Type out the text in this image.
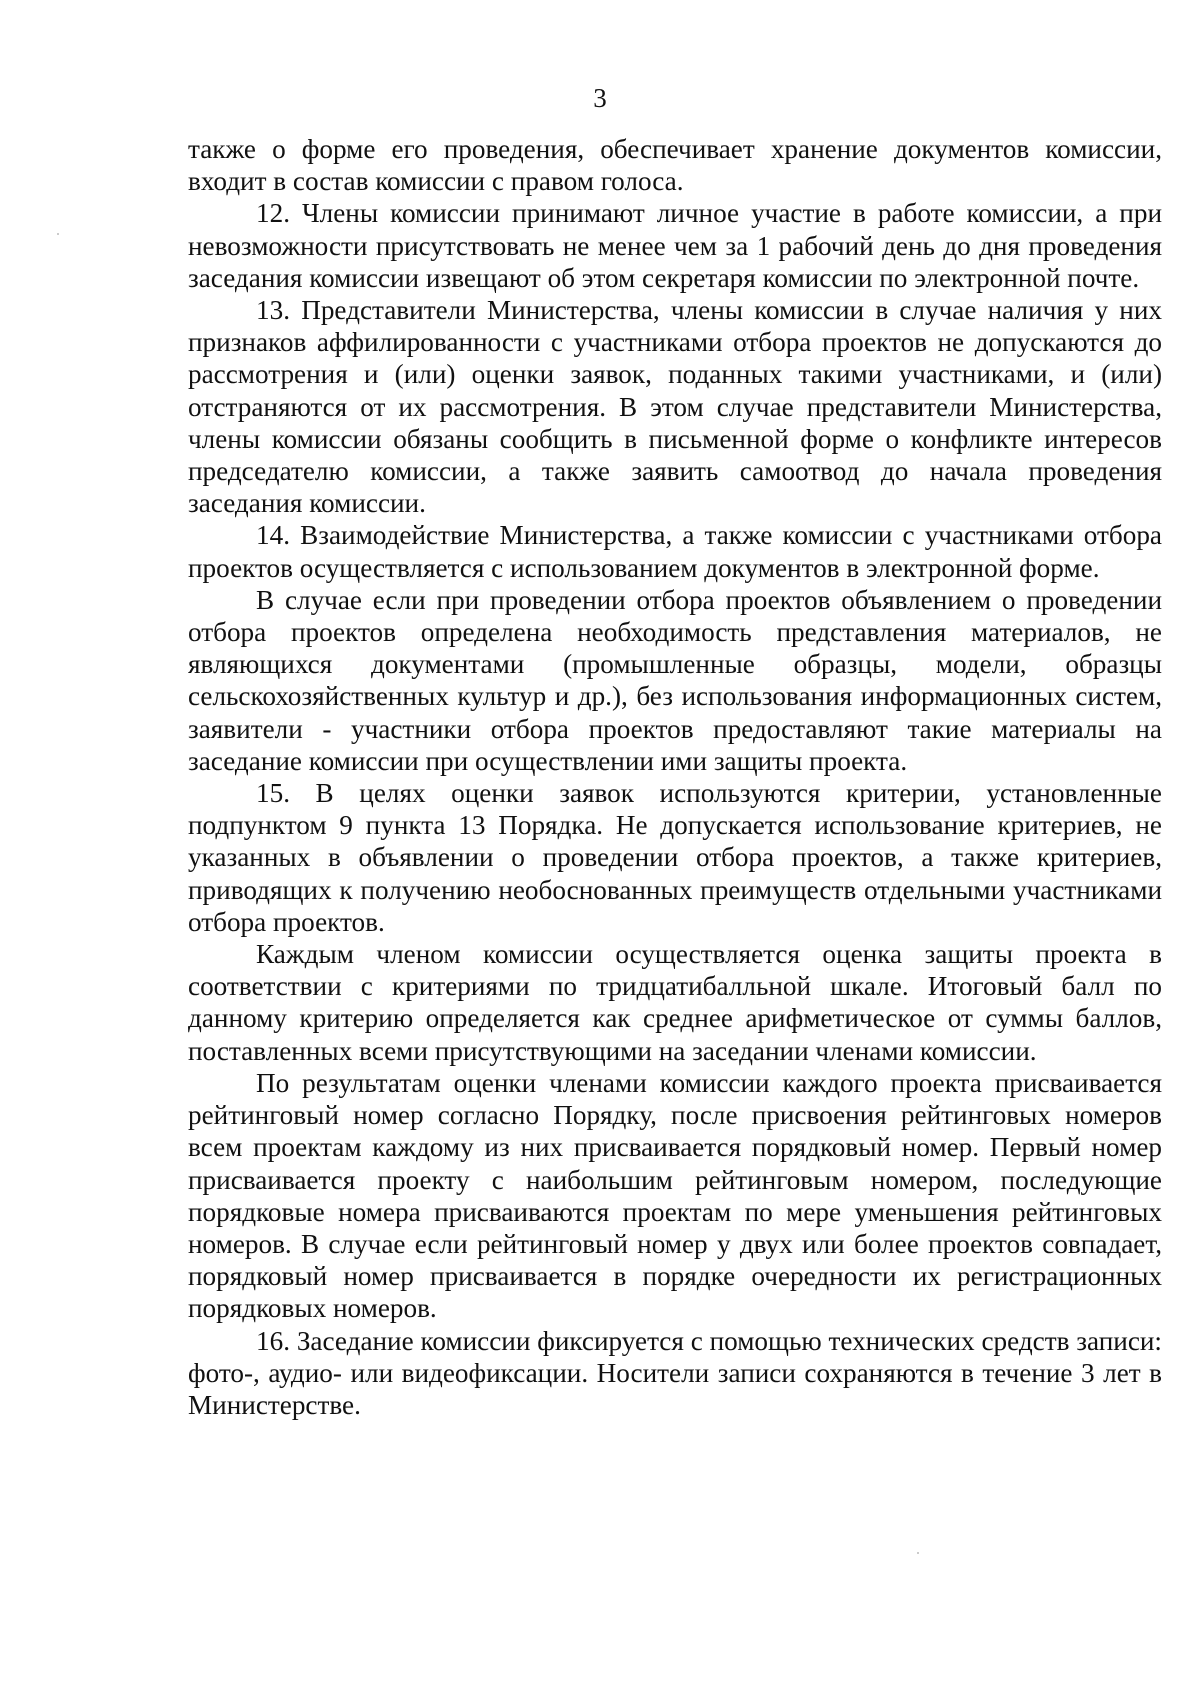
3

также о форме его проведения, обеспечивает хранение документов комиссии, входит в состав комиссии с правом голоса.

12. Члены комиссии принимают личное участие в работе комиссии, а при невозможности присутствовать не менее чем за 1 рабочий день до дня проведения заседания комиссии извещают об этом секретаря комиссии по электронной почте.

13. Представители Министерства, члены комиссии в случае наличия у них признаков аффилированности с участниками отбора проектов не допускаются до рассмотрения и (или) оценки заявок, поданных такими участниками, и (или) отстраняются от их рассмотрения. В этом случае представители Министерства, члены комиссии обязаны сообщить в письменной форме о конфликте интересов председателю комиссии, а также заявить самоотвод до начала проведения заседания комиссии.

14. Взаимодействие Министерства, а также комиссии с участниками отбора проектов осуществляется с использованием документов в электронной форме.

В случае если при проведении отбора проектов объявлением о проведении отбора проектов определена необходимость представления материалов, не являющихся документами (промышленные образцы, модели, образцы сельскохозяйственных культур и др.), без использования информационных систем, заявители - участники отбора проектов предоставляют такие материалы на заседание комиссии при осуществлении ими защиты проекта.

15. В целях оценки заявок используются критерии, установленные подпунктом 9 пункта 13 Порядка. Не допускается использование критериев, не указанных в объявлении о проведении отбора проектов, а также критериев, приводящих к получению необоснованных преимуществ отдельными участниками отбора проектов.

Каждым членом комиссии осуществляется оценка защиты проекта в соответствии с критериями по тридцатибалльной шкале. Итоговый балл по данному критерию определяется как среднее арифметическое от суммы баллов, поставленных всеми присутствующими на заседании членами комиссии.

По результатам оценки членами комиссии каждого проекта присваивается рейтинговый номер согласно Порядку, после присвоения рейтинговых номеров всем проектам каждому из них присваивается порядковый номер. Первый номер присваивается проекту с наибольшим рейтинговым номером, последующие порядковые номера присваиваются проектам по мере уменьшения рейтинговых номеров. В случае если рейтинговый номер у двух или более проектов совпадает, порядковый номер присваивается в порядке очередности их регистрационных порядковых номеров.

16. Заседание комиссии фиксируется с помощью технических средств записи: фото-, аудио- или видеофиксации. Носители записи сохраняются в течение 3 лет в Министерстве.
